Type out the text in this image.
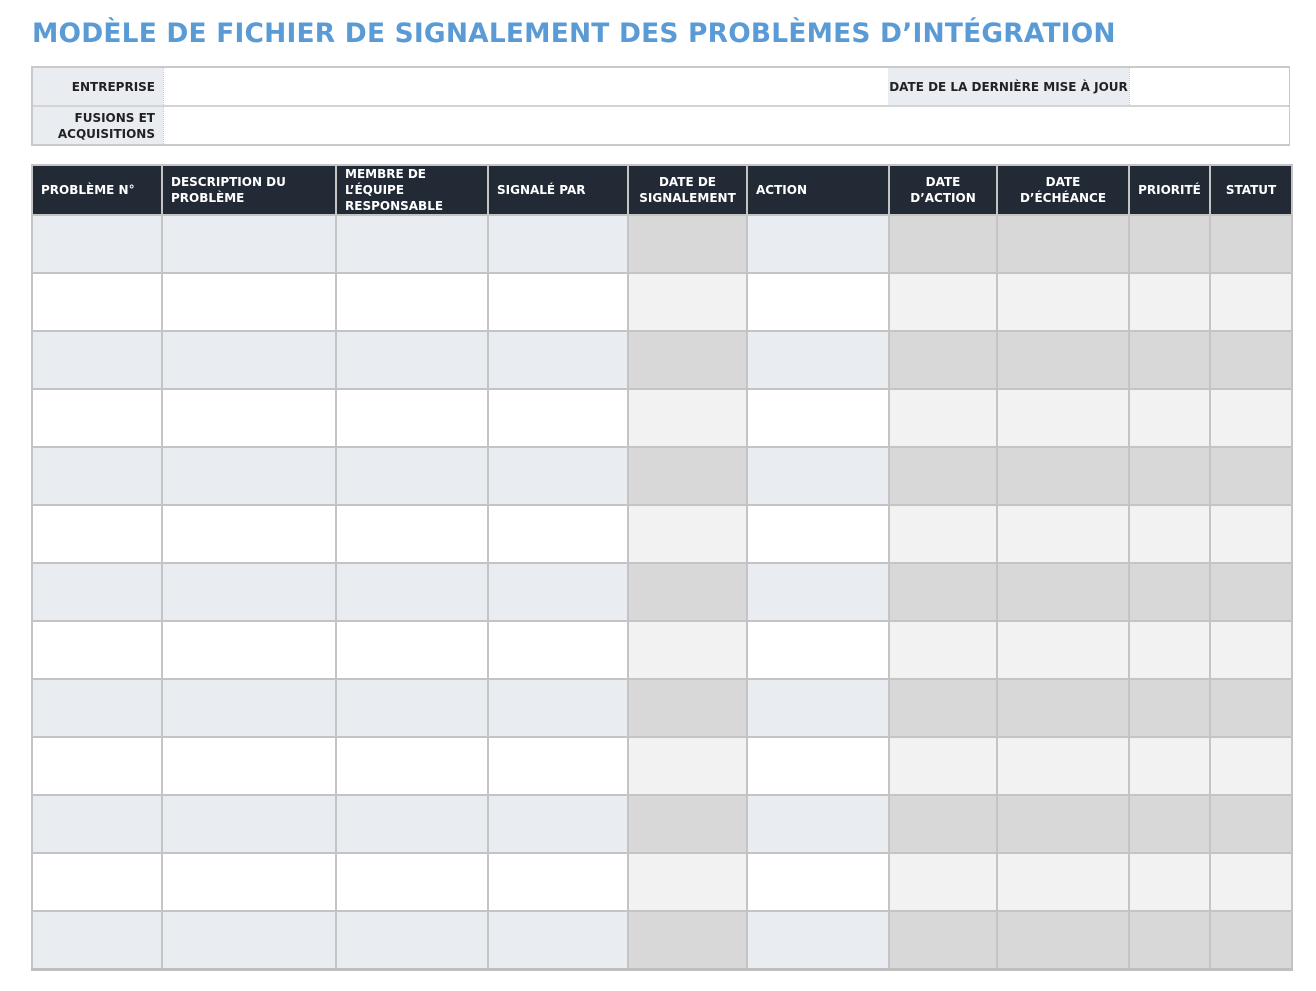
MODÈLE DE FICHIER DE SIGNALEMENT DES PROBLÈMES D’INTÉGRATION
ENTREPRISE	DATE DE LA DERNIÈRE MISE À JOUR
FUSIONS ET ACQUISITIONS
PROBLÈME N°	DESCRIPTION DU PROBLÈME	MEMBRE DE L’ÉQUIPE RESPONSABLE	SIGNALÉ PAR	DATE DE SIGNALEMENT	ACTION	DATE D’ACTION	DATE D’ÉCHÉANCE	PRIORITÉ	STATUT
